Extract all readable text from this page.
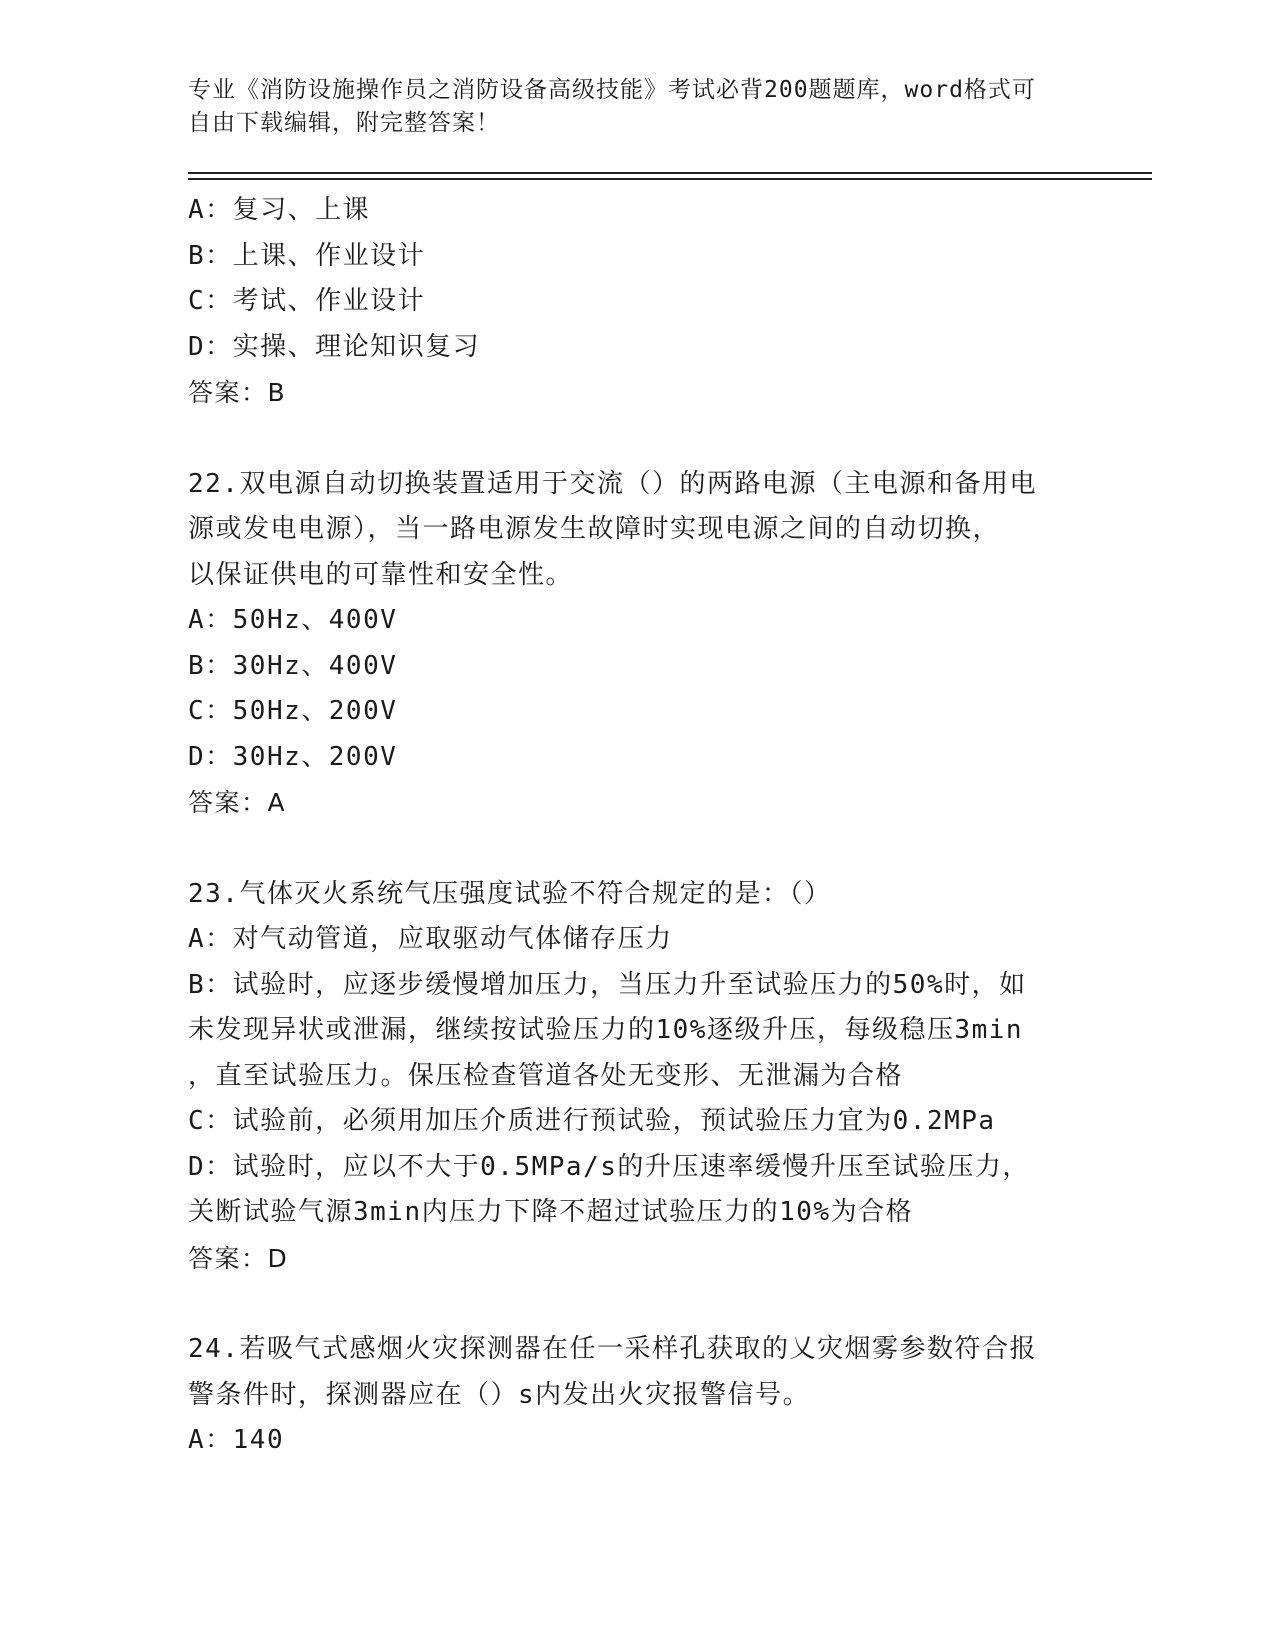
专业《消防设施操作员之消防设备高级技能》考试必背200题题库，word格式可
自由下载编辑，附完整答案！
A：复习、上课
B：上课、作业设计
C：考试、作业设计
D：实操、理论知识复习
答案：B
22.双电源自动切换装置适用于交流（）的两路电源（主电源和备用电
源或发电电源），当一路电源发生故障时实现电源之间的自动切换，
以保证供电的可靠性和安全性。
A：50Hz、400V
B：30Hz、400V
C：50Hz、200V
D：30Hz、200V
答案：A
23.气体灭火系统气压强度试验不符合规定的是：（）
A：对气动管道，应取驱动气体储存压力
B：试验时，应逐步缓慢增加压力，当压力升至试验压力的50%时，如
未发现异状或泄漏，继续按试验压力的10%逐级升压，每级稳压3min
，直至试验压力。保压检查管道各处无变形、无泄漏为合格
C：试验前，必须用加压介质进行预试验，预试验压力宜为0.2MPa
D：试验时，应以不大于0.5MPa/s的升压速率缓慢升压至试验压力，
关断试验气源3min内压力下降不超过试验压力的10%为合格
答案：D
24.若吸气式感烟火灾探测器在任一采样孔获取的乂灾烟雾参数符合报
警条件时，探测器应在（）s内发出火灾报警信号。
A：140
